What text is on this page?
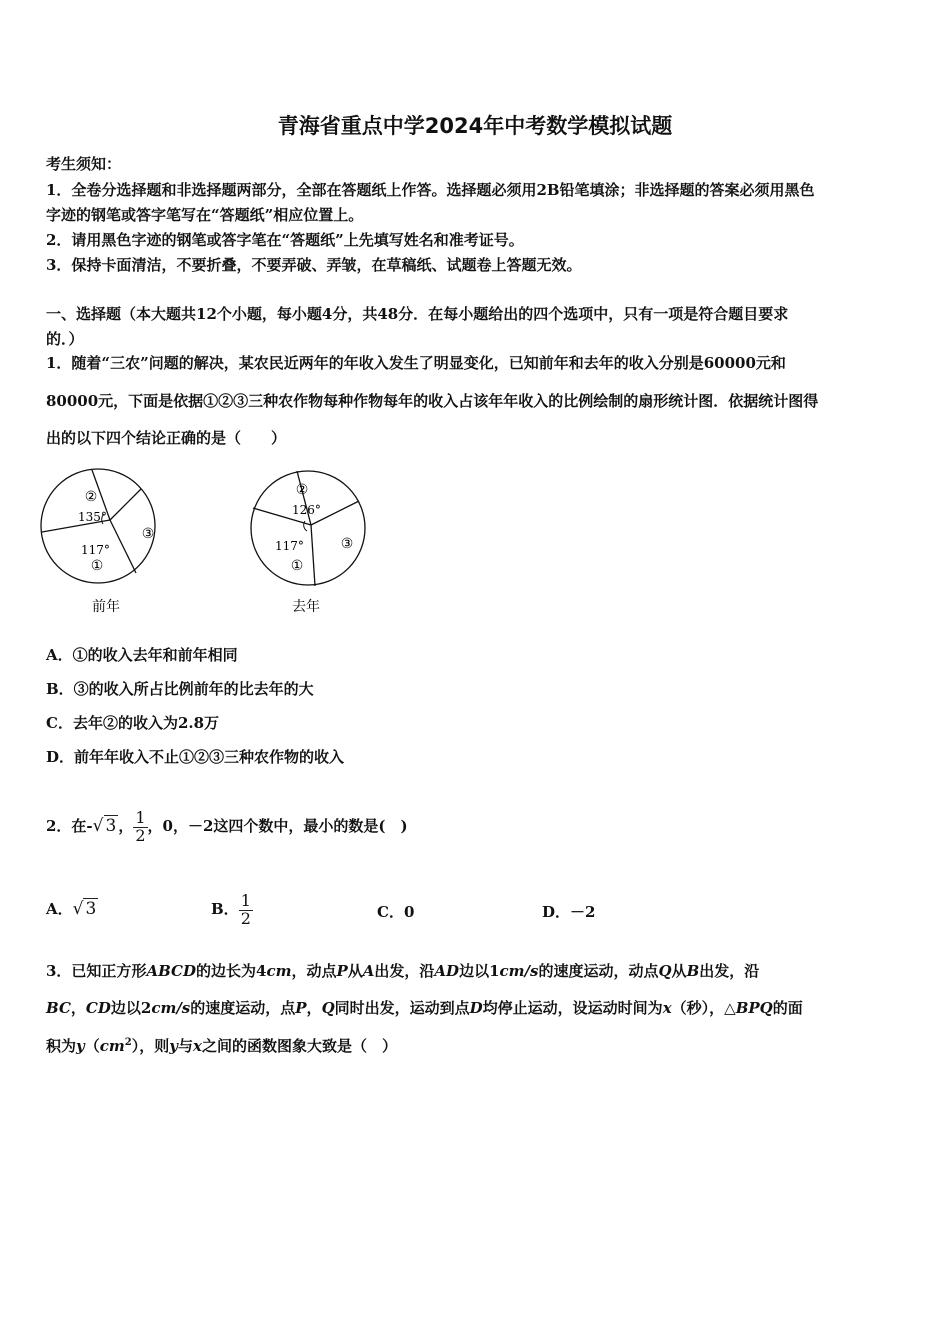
青海省重点中学2024年中考数学模拟试题
考生须知：
1．全卷分选择题和非选择题两部分，全部在答题纸上作答。选择题必须用2B铅笔填涂；非选择题的答案必须用黑色
字迹的钢笔或答字笔写在“答题纸”相应位置上。
2．请用黑色字迹的钢笔或答字笔在“答题纸”上先填写姓名和准考证号。
3．保持卡面清洁，不要折叠，不要弄破、弄皱，在草稿纸、试题卷上答题无效。
一、选择题（本大题共12个小题，每小题4分，共48分．在每小题给出的四个选项中，只有一项是符合题目要求
的．）
1．随着“三农”问题的解决，某农民近两年的年收入发生了明显变化，已知前年和去年的收入分别是60000元和
80000元，下面是依据①②③三种农作物每种作物每年的收入占该年年收入的比例绘制的扇形统计图．依据统计图得
出的以下四个结论正确的是（　　）
②
③
①
135°
117°
前年
②
③
①
126°
117°
去年
A．①的收入去年和前年相同
B．③的收入所占比例前年的比去年的大
C．去年②的收入为2.8万
D．前年年收入不止①②③三种农作物的收入
2．在-√ 3 ， $\frac{1}{2}$ ，0，－2这四个数中，最小的数是(　)
A．√ 3	B． $\frac{1}{2}$	C．0	D．－2
3．已知正方形ABCD的边长为4cm，动点P从A出发，沿AD边以1cm/s的速度运动，动点Q从B出发，沿
BC，CD边以2cm/s的速度运动，点P，Q同时出发，运动到点D均停止运动，设运动时间为x（秒），△BPQ的面
积为$y(cm^2)$，则y与x之间的函数图象大致是（　）
